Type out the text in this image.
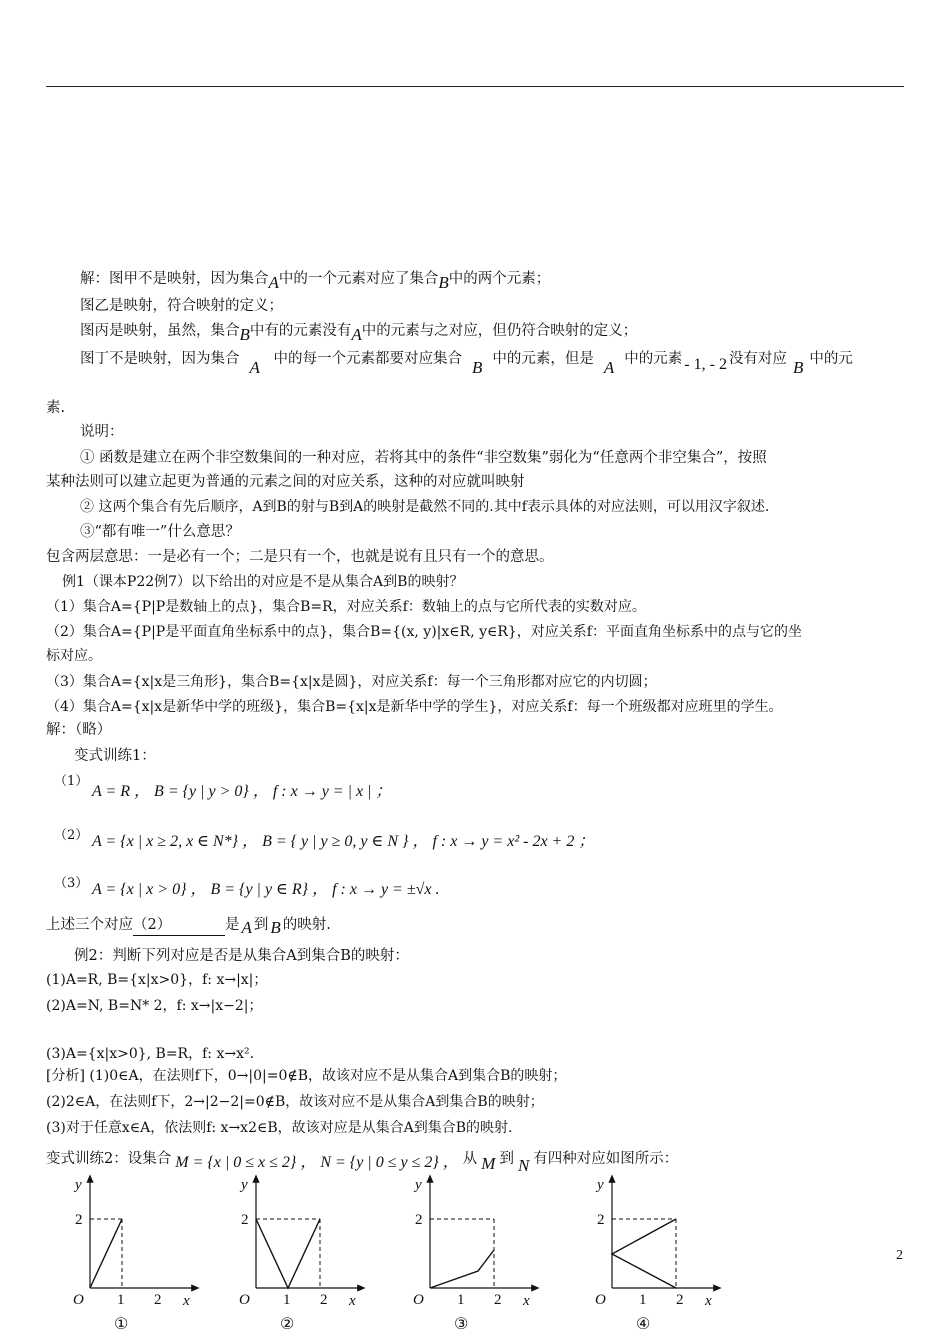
解：图甲不是映射，因为集合A中的一个元素对应了集合B中的两个元素；
图乙是映射，符合映射的定义；
图丙是映射，虽然，集合B中有的元素没有A中的元素与之对应，但仍符合映射的定义；
图丁不是映射，因为集合 A 中的每一个元素都要对应集合 B 中的元素，但是 A 中的元素 - 1, - 2 没有对应 B 中的元
素.
说明：
① 函数是建立在两个非空数集间的一种对应，若将其中的条件“非空数集”弱化为“任意两个非空集合”，按照
某种法则可以建立起更为普通的元素之间的对应关系，这种的对应就叫映射
② 这两个集合有先后顺序，A到B的射与B到A的映射是截然不同的.其中f表示具体的对应法则，可以用汉字叙述.
③“都有唯一”什么意思？
包含两层意思：一是必有一个；二是只有一个，也就是说有且只有一个的意思。
例1（课本P22例7）以下给出的对应是不是从集合A到B的映射？
（1）集合A={P|P是数轴上的点}，集合B=R，对应关系f：数轴上的点与它所代表的实数对应。
（2）集合A={P|P是平面直角坐标系中的点}，集合B={(x, y)|x∈R, y∈R}，对应关系f：平面直角坐标系中的点与它的坐
标对应。
（3）集合A={x|x是三角形}，集合B={x|x是圆}，对应关系f：每一个三角形都对应它的内切圆；
（4）集合A={x|x是新华中学的班级}，集合B={x|x是新华中学的学生}，对应关系f：每一个班级都对应班里的学生。
解：（略）
变式训练1：
（1）
A = R ， B = {y | y > 0} ， f : x → y = | x | ；
（2） A = {x | x ≥ 2, x ∈ N*} ， B = { y | y ≥ 0, y ∈ N } ， f : x → y = x² - 2x + 2 ；
（3） A = {x | x > 0} ， B = {y | y ∈ R} ， f : x → y = ±√x .
上述三个对应（2）	是 A 到 B 的映射.
例2：判断下列对应是否是从集合A到集合B的映射：
(1)A=R, B={x|x>0}，f: x→|x|；
(2)A=N, B=N* 2，f: x→|x−2|；
(3)A={x|x>0}, B=R，f: x→x².
[分析] (1)0∈A，在法则f下，0→|0|=0∉B，故该对应不是从集合A到集合B的映射；
(2)2∈A，在法则f下，2→|2−2|=0∉B，故该对应不是从集合A到集合B的映射；
(3)对于任意x∈A，依法则f: x→x2∈B，故该对应是从集合A到集合B的映射.
变式训练2：设集合 M = {x | 0 ≤ x ≤ 2} ， N = {y | 0 ≤ y ≤ 2} ， 从 M 到 N 有四种对应如图所示：
y
x
O
2
1 2
①
y
x
O
2
1 2
②
y
x
O
2
1 2
③
y
x
O
2
1 2
④
2
